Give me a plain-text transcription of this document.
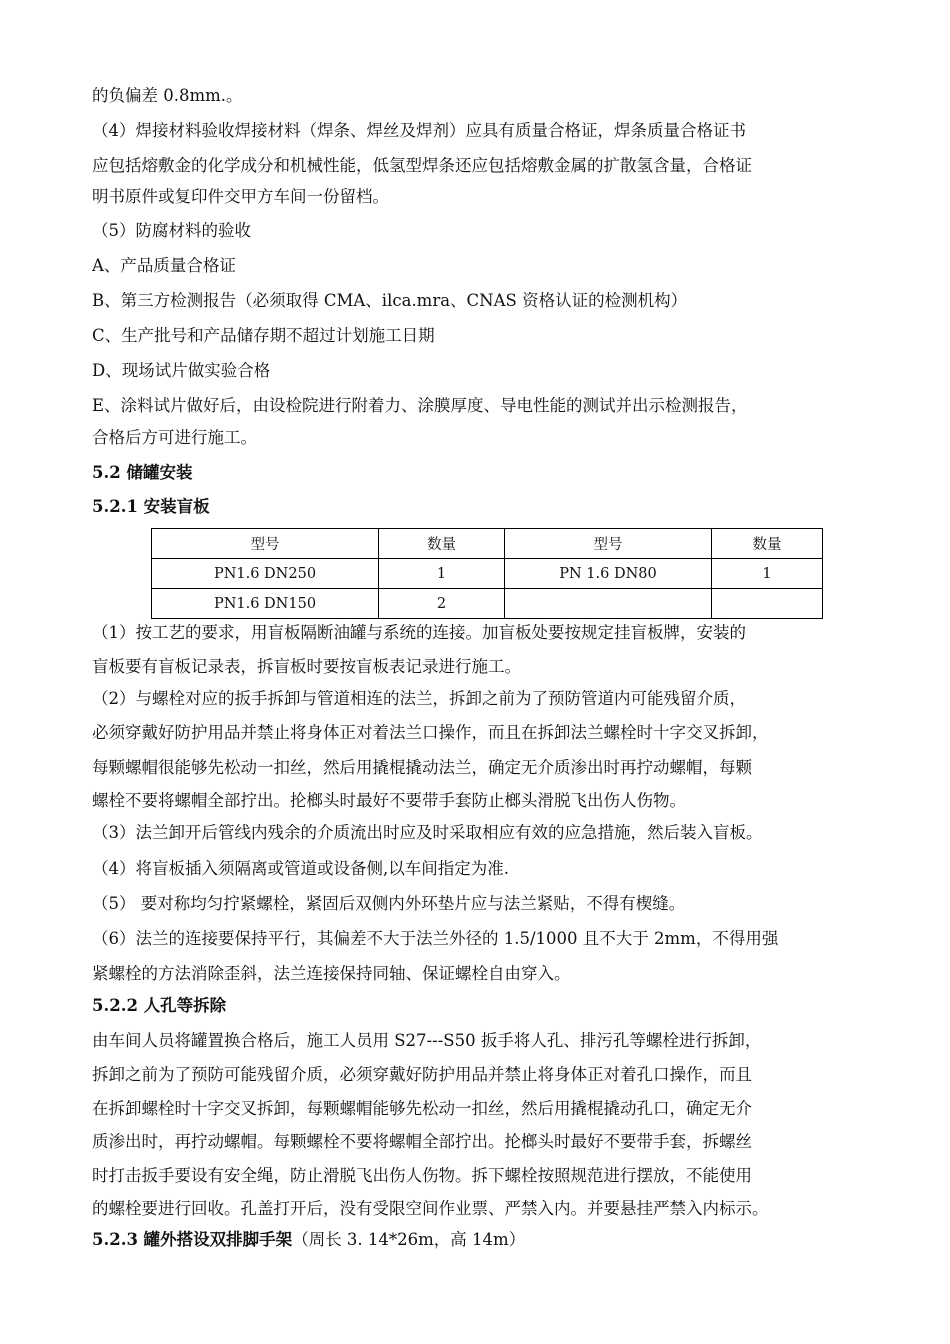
的负偏差 0.8mm.。
（4）焊接材料验收焊接材料（焊条、焊丝及焊剂）应具有质量合格证，焊条质量合格证书
应包括熔敷金的化学成分和机械性能，低氢型焊条还应包括熔敷金属的扩散氢含量，合格证
明书原件或复印件交甲方车间一份留档。
（5）防腐材料的验收
A、产品质量合格证
B、第三方检测报告（必须取得 CMA、ilca.mra、CNAS 资格认证的检测机构）
C、生产批号和产品储存期不超过计划施工日期
D、现场试片做实验合格
E、涂料试片做好后，由设检院进行附着力、涂膜厚度、导电性能的测试并出示检测报告，
合格后方可进行施工。
5.2 储罐安装
5.2.1 安装盲板
型号	数量	型号	数量
PN1.6 DN250	1	PN 1.6 DN80	1
PN1.6 DN150	2		
（1）按工艺的要求，用盲板隔断油罐与系统的连接。加盲板处要按规定挂盲板牌，安装的
盲板要有盲板记录表，拆盲板时要按盲板表记录进行施工。
（2）与螺栓对应的扳手拆卸与管道相连的法兰，拆卸之前为了预防管道内可能残留介质，
必须穿戴好防护用品并禁止将身体正对着法兰口操作，而且在拆卸法兰螺栓时十字交叉拆卸，
每颗螺帽很能够先松动一扣丝，然后用撬棍撬动法兰，确定无介质渗出时再拧动螺帽，每颗
螺栓不要将螺帽全部拧出。抡榔头时最好不要带手套防止榔头滑脱飞出伤人伤物。
（3）法兰卸开后管线内残余的介质流出时应及时采取相应有效的应急措施，然后装入盲板。
（4）将盲板插入须隔离或管道或设备侧,以车间指定为准.
（5） 要对称均匀拧紧螺栓，紧固后双侧内外环垫片应与法兰紧贴，不得有楔缝。
（6）法兰的连接要保持平行，其偏差不大于法兰外径的 1.5/1000 且不大于 2mm，不得用强
紧螺栓的方法消除歪斜，法兰连接保持同轴、保证螺栓自由穿入。
5.2.2 人孔等拆除
由车间人员将罐置换合格后，施工人员用 S27---S50 扳手将人孔、排污孔等螺栓进行拆卸，
拆卸之前为了预防可能残留介质，必须穿戴好防护用品并禁止将身体正对着孔口操作，而且
在拆卸螺栓时十字交叉拆卸，每颗螺帽能够先松动一扣丝，然后用撬棍撬动孔口，确定无介
质渗出时，再拧动螺帽。每颗螺栓不要将螺帽全部拧出。抡榔头时最好不要带手套，拆螺丝
时打击扳手要设有安全绳，防止滑脱飞出伤人伤物。拆下螺栓按照规范进行摆放，不能使用
的螺栓要进行回收。孔盖打开后，没有受限空间作业票、严禁入内。并要悬挂严禁入内标示。
5.2.3 罐外搭设双排脚手架（周长 3. 14*26m，高 14m）
